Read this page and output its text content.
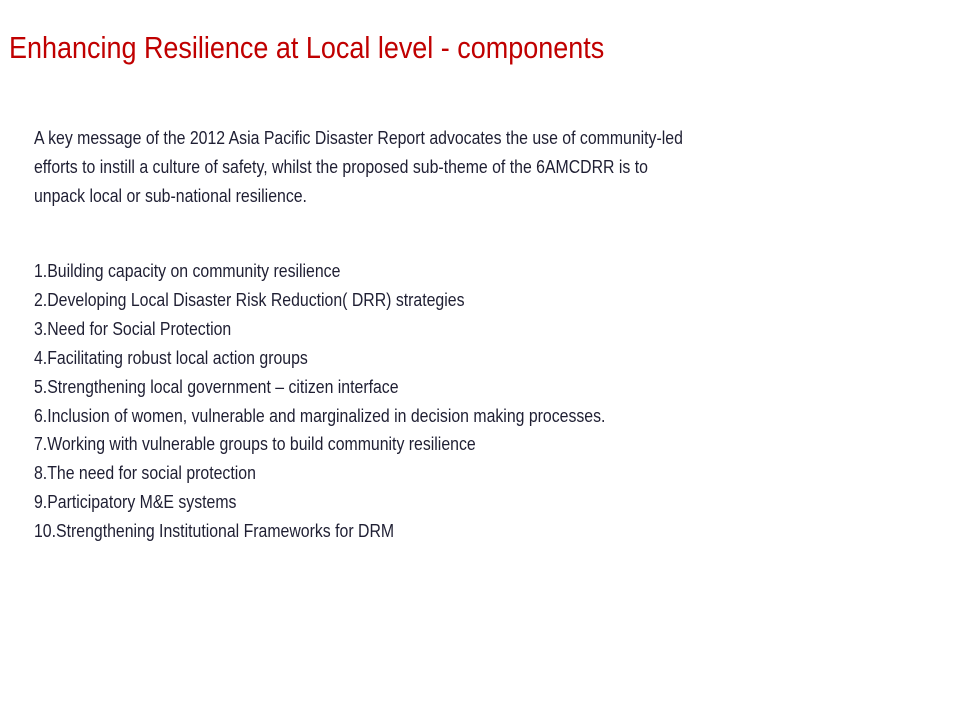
Enhancing Resilience at Local level - components

A key message of the 2012 Asia Pacific Disaster Report advocates the use of community-led

efforts to instill a culture of safety, whilst the proposed sub-theme of the 6AMCDRR is to

unpack local or sub-national resilience.

1.Building capacity on community resilience
2.Developing Local Disaster Risk Reduction( DRR) strategies
3.Need for Social Protection
4.Facilitating robust local action groups
5.Strengthening local government – citizen interface
6.Inclusion of women, vulnerable and marginalized in decision making processes.
7.Working with vulnerable groups to build community resilience
8.The need for social protection
9.Participatory M&E systems
10.Strengthening Institutional Frameworks for DRM
